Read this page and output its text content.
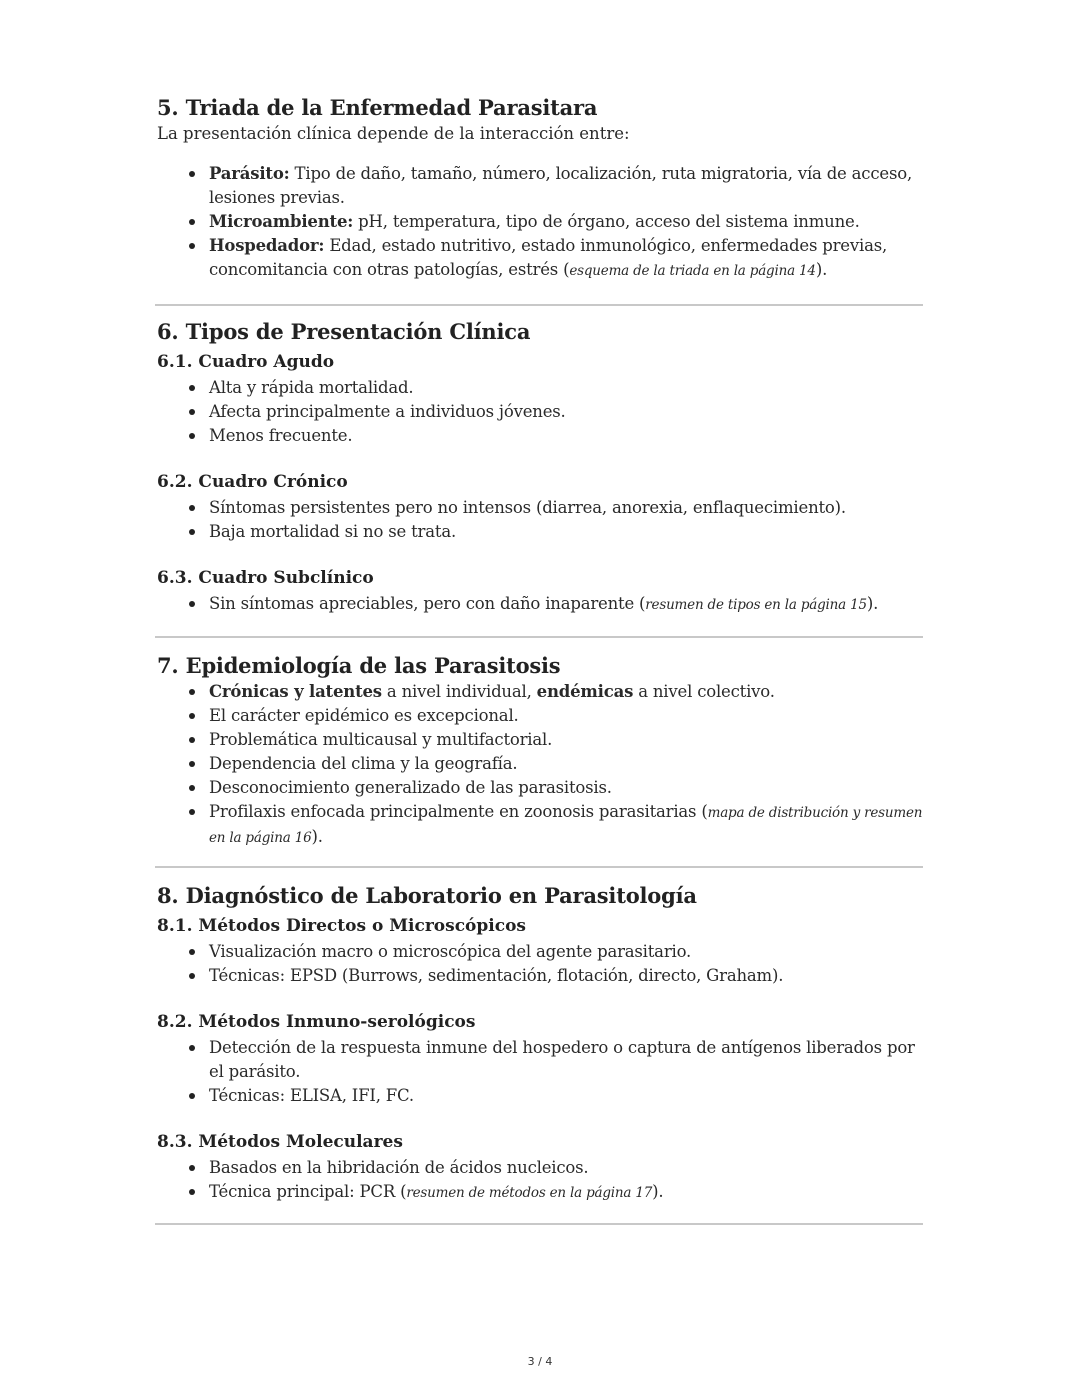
5. Triada de la Enfermedad Parasitara

La presentación clínica depende de la interacción entre:

Parásito: Tipo de daño, tamaño, número, localización, ruta migratoria, vía de acceso, lesiones previas.
Microambiente: pH, temperatura, tipo de órgano, acceso del sistema inmune.
Hospedador: Edad, estado nutritivo, estado inmunológico, enfermedades previas, concomitancia con otras patologías, estrés (esquema de la triada en la página 14).
6. Tipos de Presentación Clínica
6.1. Cuadro Agudo
Alta y rápida mortalidad.
Afecta principalmente a individuos jóvenes.
Menos frecuente.
6.2. Cuadro Crónico
Síntomas persistentes pero no intensos (diarrea, anorexia, enflaquecimiento).
Baja mortalidad si no se trata.
6.3. Cuadro Subclínico
Sin síntomas apreciables, pero con daño inaparente (resumen de tipos en la página 15).
7. Epidemiología de las Parasitosis
Crónicas y latentes a nivel individual, endémicas a nivel colectivo.
El carácter epidémico es excepcional.
Problemática multicausal y multifactorial.
Dependencia del clima y la geografía.
Desconocimiento generalizado de las parasitosis.
Profilaxis enfocada principalmente en zoonosis parasitarias (mapa de distribución y resumen en la página 16).
8. Diagnóstico de Laboratorio en Parasitología
8.1. Métodos Directos o Microscópicos
Visualización macro o microscópica del agente parasitario.
Técnicas: EPSD (Burrows, sedimentación, flotación, directo, Graham).
8.2. Métodos Inmuno-serológicos
Detección de la respuesta inmune del hospedero o captura de antígenos liberados por el parásito.
Técnicas: ELISA, IFI, FC.
8.3. Métodos Moleculares
Basados en la hibridación de ácidos nucleicos.
Técnica principal: PCR (resumen de métodos en la página 17).
3 / 4
